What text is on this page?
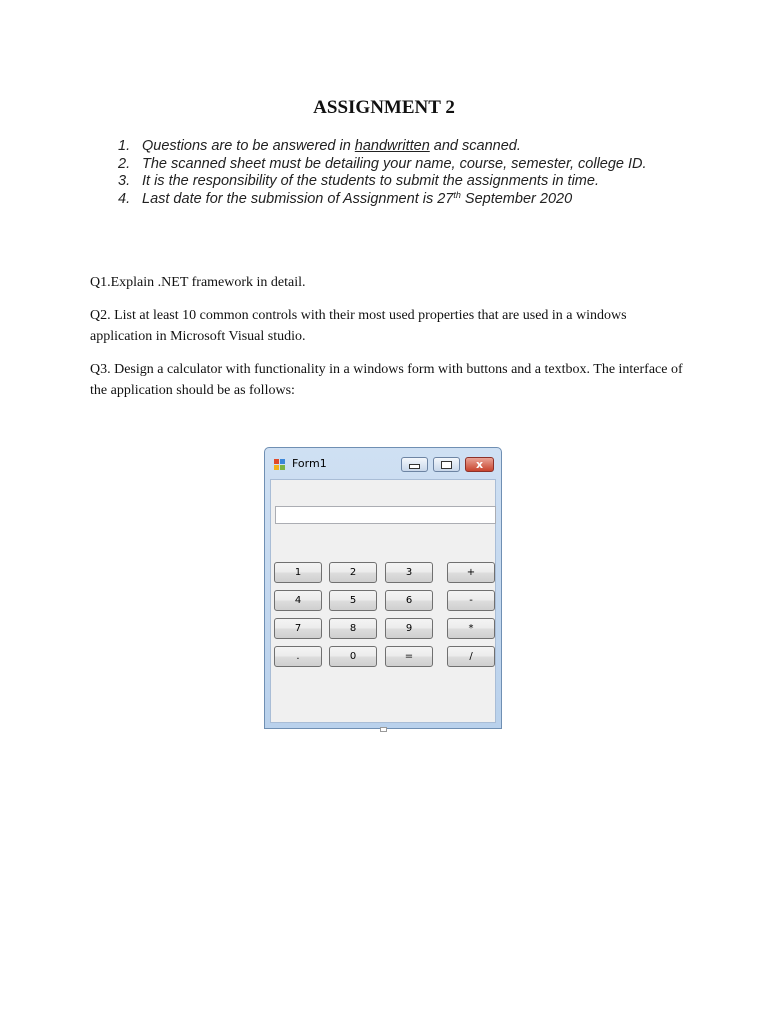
ASSIGNMENT 2
1. Questions are to be answered in handwritten and scanned.
2. The scanned sheet must be detailing your name, course, semester, college ID.
3. It is the responsibility of the students to submit the assignments in time.
4. Last date for the submission of Assignment is 27th September 2020
Q1.Explain .NET framework in detail.
Q2. List at least 10 common controls with their most used properties that are used in a windows application in Microsoft Visual studio.
Q3. Design a calculator with functionality in a windows form with buttons and a textbox. The interface of the application should be as follows:
Form1	x
1	2	3	+
4	5	6	-
7	8	9	*
.	0	=	/
